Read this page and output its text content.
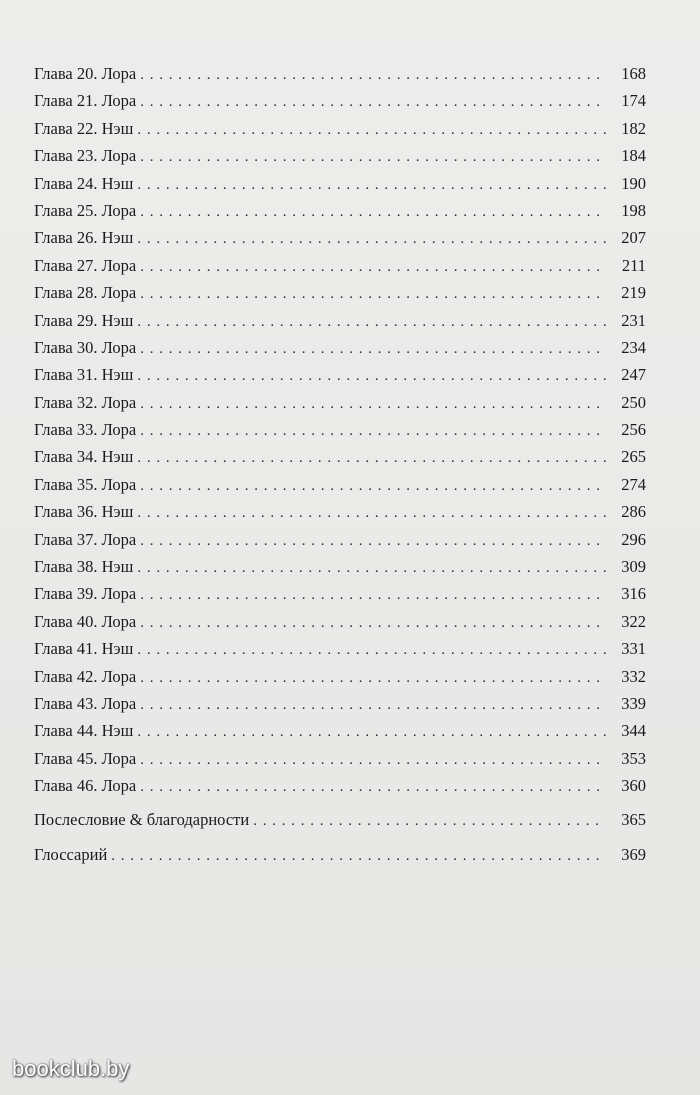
Глава 20. Лора . . .	168
Глава 21. Лора . . .	174
Глава 22. Нэш . . .	182
Глава 23. Лора . . .	184
Глава 24. Нэш . . .	190
Глава 25. Лора . . .	198
Глава 26. Нэш . . .	207
Глава 27. Лора . . .	211
Глава 28. Лора . . .	219
Глава 29. Нэш . . .	231
Глава 30. Лора . . .	234
Глава 31. Нэш . . .	247
Глава 32. Лора . . .	250
Глава 33. Лора . . .	256
Глава 34. Нэш . . .	265
Глава 35. Лора . . .	274
Глава 36. Нэш . . .	286
Глава 37. Лора . . .	296
Глава 38. Нэш . . .	309
Глава 39. Лора . . .	316
Глава 40. Лора . . .	322
Глава 41. Нэш . . .	331
Глава 42. Лора . . .	332
Глава 43. Лора . . .	339
Глава 44. Нэш . . .	344
Глава 45. Лора . . .	353
Глава 46. Лора . . .	360
Послесловие & благодарности . . .	365
Глоссарий . . .	369
bookclub.by
